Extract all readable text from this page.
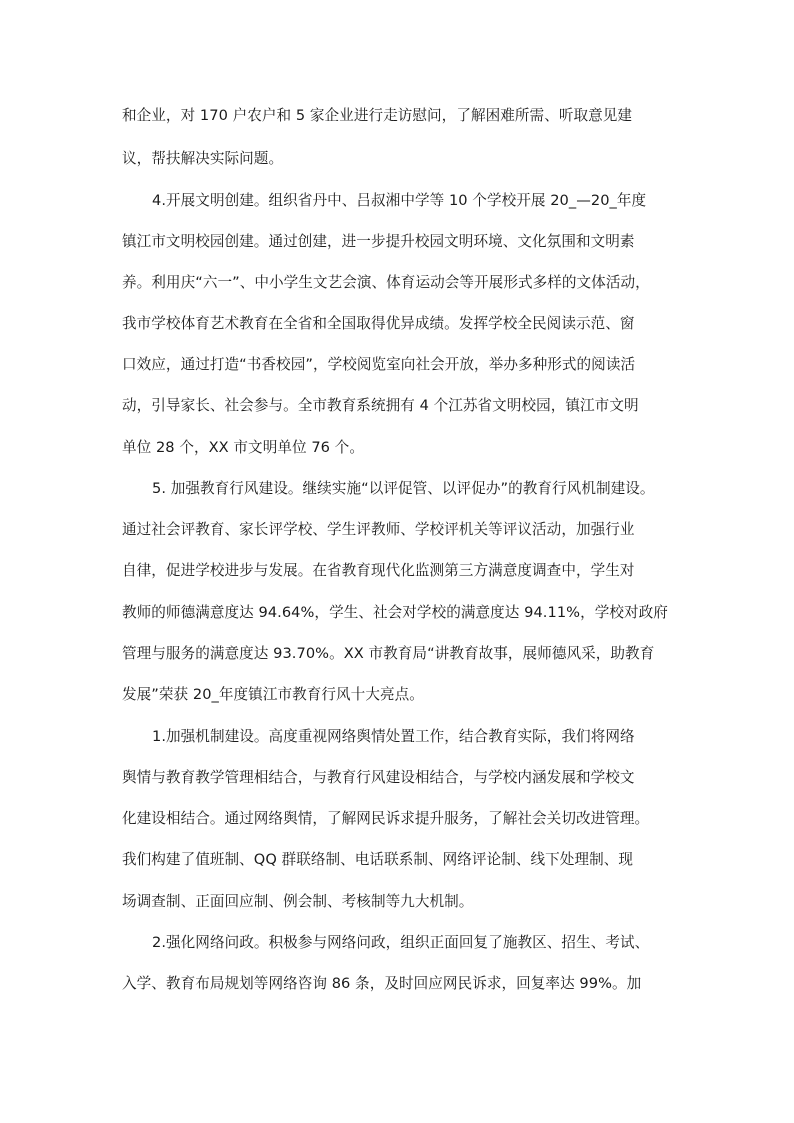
和企业，对 170 户农户和 5 家企业进行走访慰问，了解困难所需、听取意见建
议，帮扶解决实际问题。
4.开展文明创建。组织省丹中、吕叔湘中学等 10 个学校开展 20_—20_年度
镇江市文明校园创建。通过创建，进一步提升校园文明环境、文化氛围和文明素
养。利用庆“六一”、中小学生文艺会演、体育运动会等开展形式多样的文体活动，
我市学校体育艺术教育在全省和全国取得优异成绩。发挥学校全民阅读示范、窗
口效应，通过打造“书香校园”，学校阅览室向社会开放，举办多种形式的阅读活
动，引导家长、社会参与。全市教育系统拥有 4 个江苏省文明校园，镇江市文明
单位 28 个，XX 市文明单位 76 个。
5. 加强教育行风建设。继续实施“以评促管、以评促办”的教育行风机制建设。
通过社会评教育、家长评学校、学生评教师、学校评机关等评议活动，加强行业
自律，促进学校进步与发展。在省教育现代化监测第三方满意度调查中，学生对
教师的师德满意度达 94.64%，学生、社会对学校的满意度达 94.11%，学校对政府
管理与服务的满意度达 93.70%。XX 市教育局“讲教育故事，展师德风采，助教育
发展”荣获 20_年度镇江市教育行风十大亮点。
1.加强机制建设。高度重视网络舆情处置工作，结合教育实际，我们将网络
舆情与教育教学管理相结合，与教育行风建设相结合，与学校内涵发展和学校文
化建设相结合。通过网络舆情，了解网民诉求提升服务，了解社会关切改进管理。
我们构建了值班制、QQ 群联络制、电话联系制、网络评论制、线下处理制、现
场调查制、正面回应制、例会制、考核制等九大机制。
2.强化网络问政。积极参与网络问政，组织正面回复了施教区、招生、考试、
入学、教育布局规划等网络咨询 86 条，及时回应网民诉求，回复率达 99%。加
